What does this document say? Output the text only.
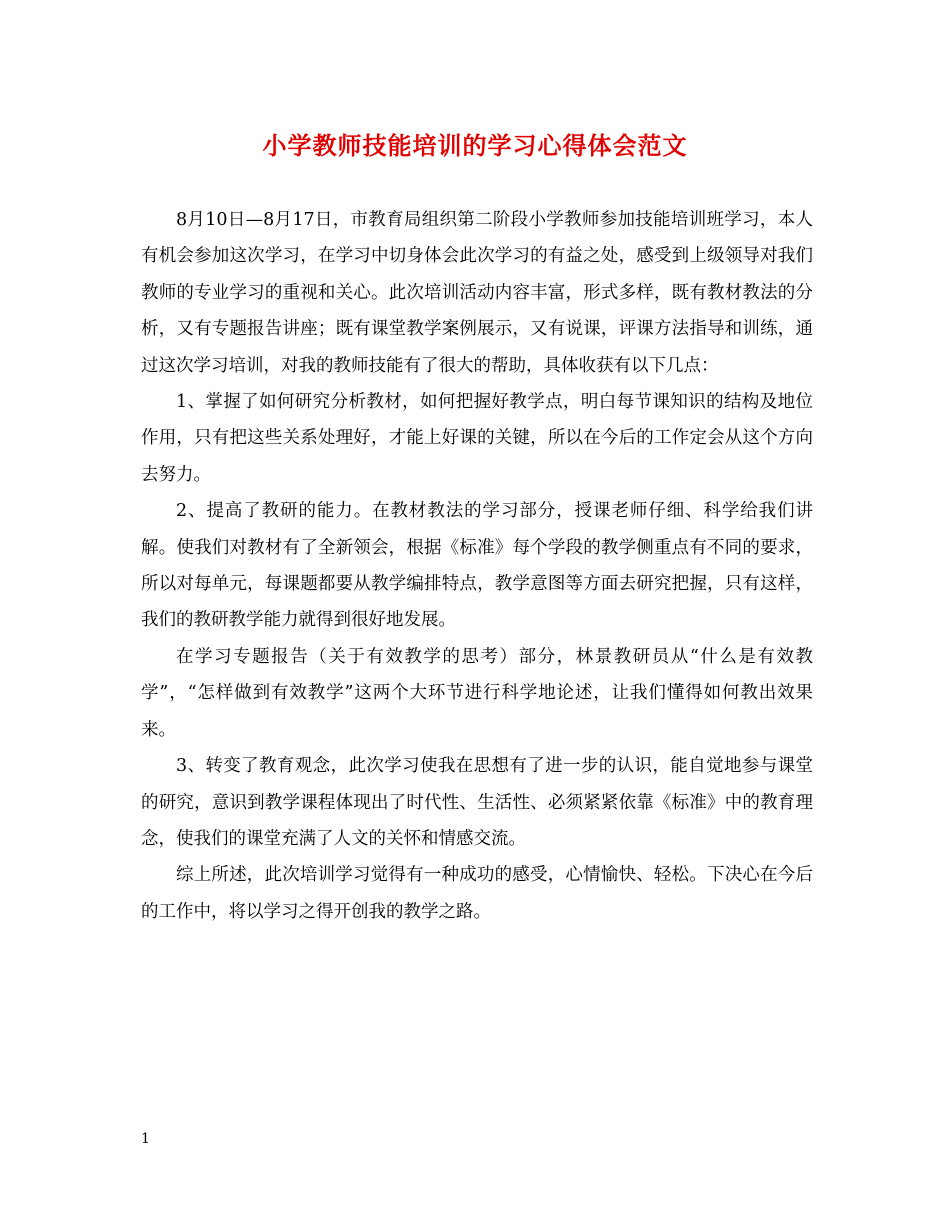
小学教师技能培训的学习心得体会范文

8月10日—8月17日，市教育局组织第二阶段小学教师参加技能培训班学习，本人有机会参加这次学习，在学习中切身体会此次学习的有益之处，感受到上级领导对我们教师的专业学习的重视和关心。此次培训活动内容丰富，形式多样，既有教材教法的分析，又有专题报告讲座；既有课堂教学案例展示，又有说课，评课方法指导和训练，通过这次学习培训，对我的教师技能有了很大的帮助，具体收获有以下几点：

1、掌握了如何研究分析教材，如何把握好教学点，明白每节课知识的结构及地位作用，只有把这些关系处理好，才能上好课的关键，所以在今后的工作定会从这个方向去努力。

2、提高了教研的能力。在教材教法的学习部分，授课老师仔细、科学给我们讲解。使我们对教材有了全新领会，根据《标准》每个学段的教学侧重点有不同的要求，所以对每单元，每课题都要从教学编排特点，教学意图等方面去研究把握，只有这样，我们的教研教学能力就得到很好地发展。

在学习专题报告（关于有效教学的思考）部分，林景教研员从“什么是有效教学”，“怎样做到有效教学”这两个大环节进行科学地论述，让我们懂得如何教出效果来。

3、转变了教育观念，此次学习使我在思想有了进一步的认识，能自觉地参与课堂的研究，意识到教学课程体现出了时代性、生活性、必须紧紧依靠《标准》中的教育理念，使我们的课堂充满了人文的关怀和情感交流。

综上所述，此次培训学习觉得有一种成功的感受，心情愉快、轻松。下决心在今后的工作中，将以学习之得开创我的教学之路。

1
